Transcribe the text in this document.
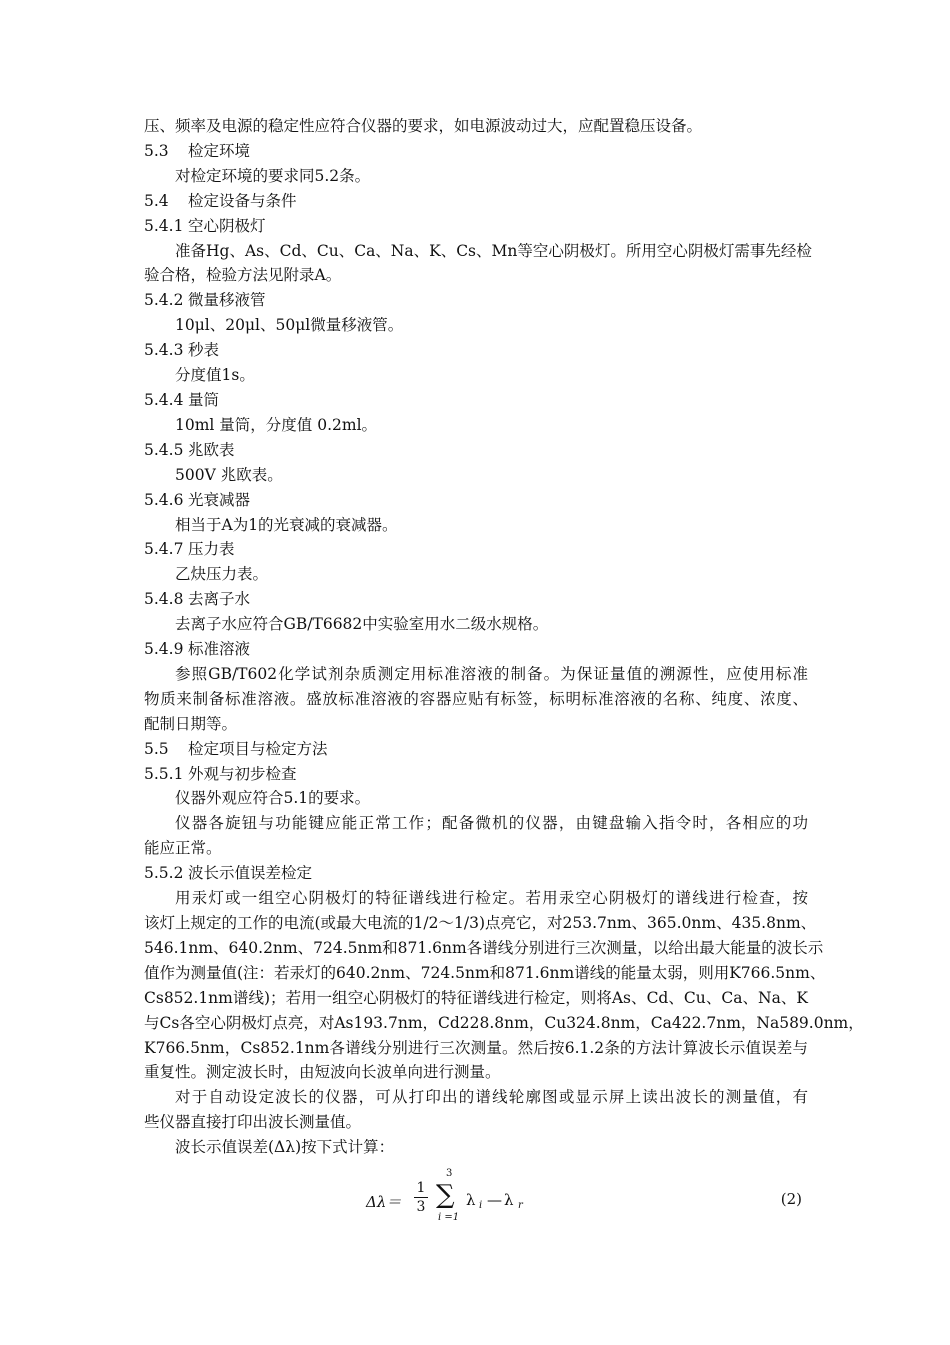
压、频率及电源的稳定性应符合仪器的要求，如电源波动过大，应配置稳压设备。
5.3 检定环境
对检定环境的要求同5.2条。
5.4 检定设备与条件
5.4.1 空心阴极灯
准备Hg、As、Cd、Cu、Ca、Na、K、Cs、Mn等空心阴极灯。所用空心阴极灯需事先经检
验合格，检验方法见附录A。
5.4.2 微量移液管
10μl、20μl、50μl微量移液管。
5.4.3 秒表
分度值1s。
5.4.4 量筒
10ml 量筒，分度值 0.2ml。
5.4.5 兆欧表
500V 兆欧表。
5.4.6 光衰减器
相当于A为1的光衰减的衰减器。
5.4.7 压力表
乙炔压力表。
5.4.8 去离子水
去离子水应符合GB/T6682中实验室用水二级水规格。
5.4.9 标准溶液
参照GB/T602化学试剂杂质测定用标准溶液的制备。为保证量值的溯源性，应使用标准
物质来制备标准溶液。盛放标准溶液的容器应贴有标签，标明标准溶液的名称、纯度、浓度、
配制日期等。
5.5 检定项目与检定方法
5.5.1 外观与初步检查
仪器外观应符合5.1的要求。
仪器各旋钮与功能键应能正常工作；配备微机的仪器，由键盘输入指令时，各相应的功
能应正常。
5.5.2 波长示值误差检定
用汞灯或一组空心阴极灯的特征谱线进行检定。若用汞空心阴极灯的谱线进行检查，按
该灯上规定的工作的电流(或最大电流的1/2～1/3)点亮它，对253.7nm、365.0nm、435.8nm、
546.1nm、640.2nm、724.5nm和871.6nm各谱线分别进行三次测量，以给出最大能量的波长示
值作为测量值(注：若汞灯的640.2nm、724.5nm和871.6nm谱线的能量太弱，则用K766.5nm、
Cs852.1nm谱线)；若用一组空心阴极灯的特征谱线进行检定，则将As、Cd、Cu、Ca、Na、K
与Cs各空心阴极灯点亮，对As193.7nm，Cd228.8nm，Cu324.8nm，Ca422.7nm，Na589.0nm，
K766.5nm，Cs852.1nm各谱线分别进行三次测量。然后按6.1.2条的方法计算波长示值误差与
重复性。测定波长时，由短波向长波单向进行测量。
对于自动设定波长的仪器，可从打印出的谱线轮廓图或显示屏上读出波长的测量值，有
些仪器直接打印出波长测量值。
波长示值误差(Δλ)按下式计算：
Δλ＝
1
3
3
∑
i =1
λ i — λ r	(2)
